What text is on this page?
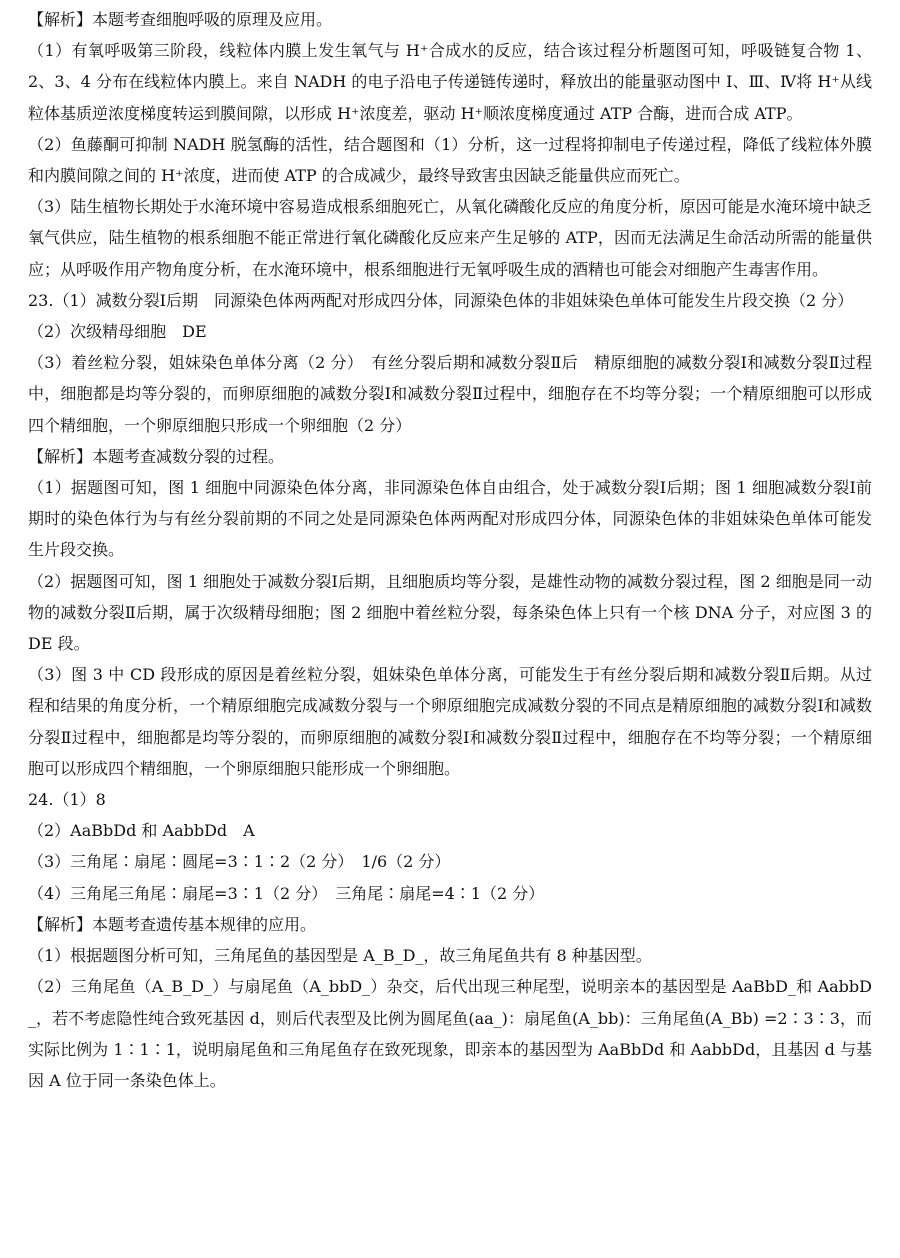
【解析】本题考查细胞呼吸的原理及应用。

（1）有氧呼吸第三阶段，线粒体内膜上发生氧气与 H⁺合成水的反应，结合该过程分析题图可知，呼吸链复合物 1、2、3、4 分布在线粒体内膜上。来自 NADH 的电子沿电子传递链传递时，释放出的能量驱动图中 Ⅰ、Ⅲ、Ⅳ将 H⁺从线粒体基质逆浓度梯度转运到膜间隙，以形成 H⁺浓度差，驱动 H⁺顺浓度梯度通过 ATP 合酶，进而合成 ATP。

（2）鱼藤酮可抑制 NADH 脱氢酶的活性，结合题图和（1）分析，这一过程将抑制电子传递过程，降低了线粒体外膜和内膜间隙之间的 H⁺浓度，进而使 ATP 的合成减少，最终导致害虫因缺乏能量供应而死亡。

（3）陆生植物长期处于水淹环境中容易造成根系细胞死亡，从氧化磷酸化反应的角度分析，原因可能是水淹环境中缺乏氧气供应，陆生植物的根系细胞不能正常进行氧化磷酸化反应来产生足够的 ATP，因而无法满足生命活动所需的能量供应；从呼吸作用产物角度分析，在水淹环境中，根系细胞进行无氧呼吸生成的酒精也可能会对细胞产生毒害作用。

23.（1）减数分裂Ⅰ后期　同源染色体两两配对形成四分体，同源染色体的非姐妹染色单体可能发生片段交换（2 分）

（2）次级精母细胞　DE

（3）着丝粒分裂，姐妹染色单体分离（2 分）　有丝分裂后期和减数分裂Ⅱ后　精原细胞的减数分裂Ⅰ和减数分裂Ⅱ过程中，细胞都是均等分裂的，而卵原细胞的减数分裂Ⅰ和减数分裂Ⅱ过程中，细胞存在不均等分裂；一个精原细胞可以形成四个精细胞，一个卵原细胞只形成一个卵细胞（2 分）

【解析】本题考查减数分裂的过程。

（1）据题图可知，图 1 细胞中同源染色体分离，非同源染色体自由组合，处于减数分裂Ⅰ后期；图 1 细胞减数分裂Ⅰ前期时的染色体行为与有丝分裂前期的不同之处是同源染色体两两配对形成四分体，同源染色体的非姐妹染色单体可能发生片段交换。

（2）据题图可知，图 1 细胞处于减数分裂Ⅰ后期，且细胞质均等分裂，是雄性动物的减数分裂过程，图 2 细胞是同一动物的减数分裂Ⅱ后期，属于次级精母细胞；图 2 细胞中着丝粒分裂，每条染色体上只有一个核 DNA 分子，对应图 3 的 DE 段。

（3）图 3 中 CD 段形成的原因是着丝粒分裂，姐妹染色单体分离，可能发生于有丝分裂后期和减数分裂Ⅱ后期。从过程和结果的角度分析，一个精原细胞完成减数分裂与一个卵原细胞完成减数分裂的不同点是精原细胞的减数分裂Ⅰ和减数分裂Ⅱ过程中，细胞都是均等分裂的，而卵原细胞的减数分裂Ⅰ和减数分裂Ⅱ过程中，细胞存在不均等分裂；一个精原细胞可以形成四个精细胞，一个卵原细胞只能形成一个卵细胞。

24.（1）8

（2）AaBbDd 和 AabbDd　A

（3）三角尾∶扇尾∶圆尾=3∶1∶2（2 分）　1/6（2 分）

（4）三角尾三角尾∶扇尾=3∶1（2 分）　三角尾∶扇尾=4∶1（2 分）

【解析】本题考查遗传基本规律的应用。

（1）根据题图分析可知，三角尾鱼的基因型是 A_B_D_，故三角尾鱼共有 8 种基因型。

（2）三角尾鱼（A_B_D_）与扇尾鱼（A_bbD_）杂交，后代出现三种尾型，说明亲本的基因型是 AaBbD_和 AabbD_，若不考虑隐性纯合致死基因 d，则后代表型及比例为圆尾鱼(aa_)：扇尾鱼(A_bb)：三角尾鱼(A_Bb) =2∶3∶3，而实际比例为 1∶1∶1，说明扇尾鱼和三角尾鱼存在致死现象，即亲本的基因型为 AaBbDd 和 AabbDd，且基因 d 与基因 A 位于同一条染色体上。
